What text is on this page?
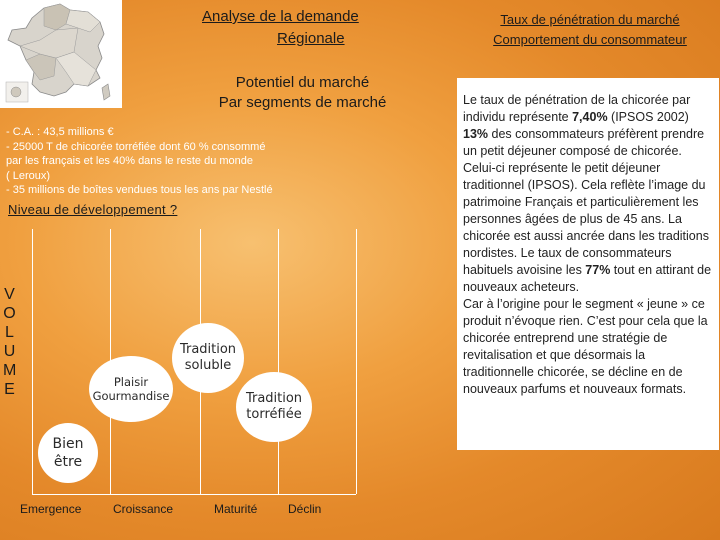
Analyse de la demande
Régionale
Taux de pénétration du marché
Comportement du consommateur
Potentiel du marché
Par segments de marché
- C.A. : 43,5 millions €
- 25000 T de chicorée torréfiée dont 60 % consommé
par les français et les 40% dans le reste du monde
( Leroux)
- 35 millions de boîtes vendues tous les ans par Nestlé
Niveau de développement ?
V
O
L
U
M
E
Bien
être
Plaisir
Gourmandise
Tradition
soluble
Tradition
torréfiée
Emergence	Croissance	Maturité	Déclin

Le taux de pénétration de la chicorée par individu représente 7,40% (IPSOS 2002)

13% des consommateurs préfèrent prendre un petit déjeuner composé de chicorée. Celui-ci représente le petit déjeuner traditionnel (IPSOS). Cela reflète l’image du patrimoine Français et particulièrement les personnes âgées de plus de 45 ans. La chicorée est aussi ancrée dans les traditions nordistes. Le taux de consommateurs habituels avoisine les 77% tout en attirant de nouveaux acheteurs.

Car à l’origine pour le segment « jeune » ce produit n’évoque rien. C’est pour cela que la chicorée entreprend une stratégie de revitalisation et que désormais la traditionnelle chicorée, se décline en de nouveaux parfums et nouveaux formats.
